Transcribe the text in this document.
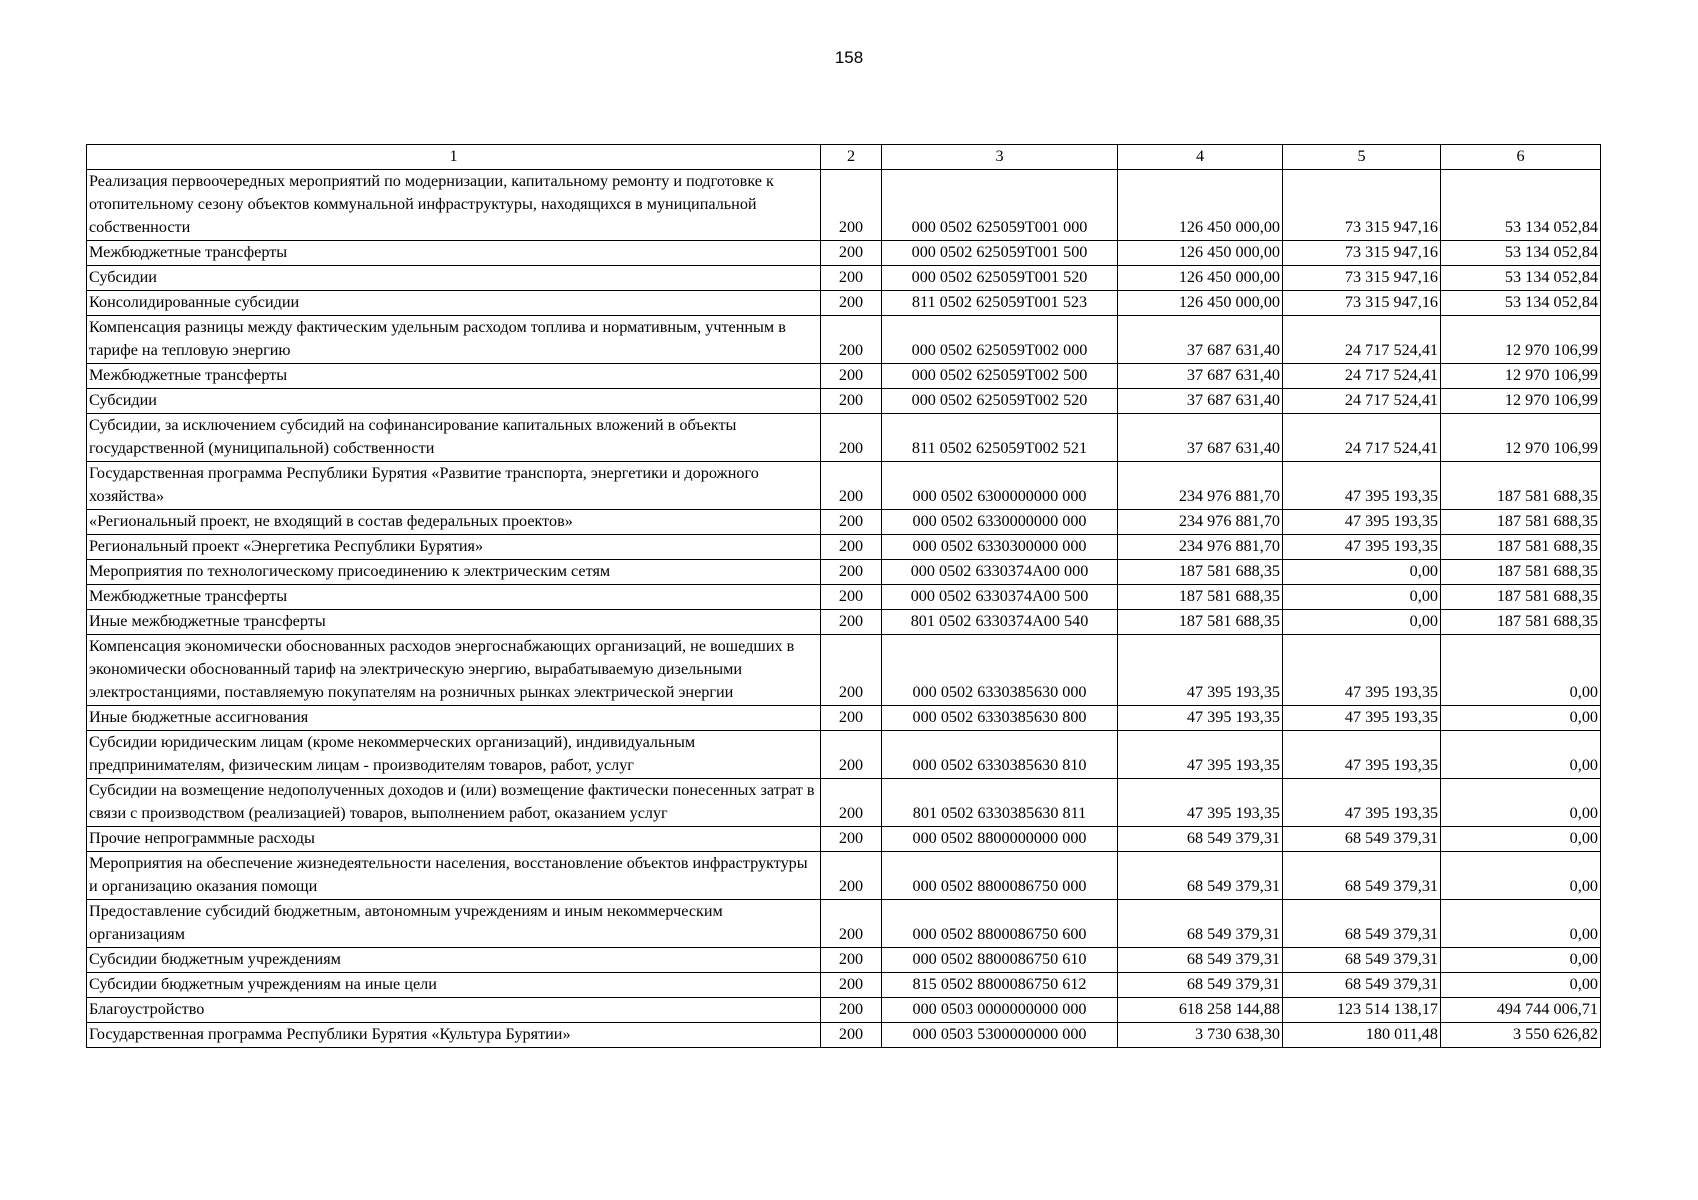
158
1	2	3	4	5	6
Реализация первоочередных мероприятий по модернизации, капитальному ремонту и подготовке к отопительному сезону объектов коммунальной инфраструктуры, находящихся в муниципальной собственности	200	000 0502 625059T001 000	126 450 000,00	73 315 947,16	53 134 052,84
Межбюджетные трансферты	200	000 0502 625059T001 500	126 450 000,00	73 315 947,16	53 134 052,84
Субсидии	200	000 0502 625059T001 520	126 450 000,00	73 315 947,16	53 134 052,84
Консолидированные субсидии	200	811 0502 625059T001 523	126 450 000,00	73 315 947,16	53 134 052,84
Компенсация разницы между фактическим удельным расходом топлива и нормативным, учтенным в тарифе на тепловую энергию	200	000 0502 625059T002 000	37 687 631,40	24 717 524,41	12 970 106,99
Межбюджетные трансферты	200	000 0502 625059T002 500	37 687 631,40	24 717 524,41	12 970 106,99
Субсидии	200	000 0502 625059T002 520	37 687 631,40	24 717 524,41	12 970 106,99
Субсидии, за исключением субсидий на софинансирование капитальных вложений в объекты государственной (муниципальной) собственности	200	811 0502 625059T002 521	37 687 631,40	24 717 524,41	12 970 106,99
Государственная программа Республики Бурятия «Развитие транспорта, энергетики и дорожного хозяйства»	200	000 0502 6300000000 000	234 976 881,70	47 395 193,35	187 581 688,35
«Региональный проект, не входящий в состав федеральных проектов»	200	000 0502 6330000000 000	234 976 881,70	47 395 193,35	187 581 688,35
Региональный проект «Энергетика Республики Бурятия»	200	000 0502 6330300000 000	234 976 881,70	47 395 193,35	187 581 688,35
Мероприятия по технологическому присоединению к электрическим сетям	200	000 0502 6330374A00 000	187 581 688,35	0,00	187 581 688,35
Межбюджетные трансферты	200	000 0502 6330374A00 500	187 581 688,35	0,00	187 581 688,35
Иные межбюджетные трансферты	200	801 0502 6330374A00 540	187 581 688,35	0,00	187 581 688,35
Компенсация экономически обоснованных расходов энергоснабжающих организаций, не вошедших в экономически обоснованный тариф на электрическую энергию, вырабатываемую дизельными электростанциями, поставляемую покупателям на розничных рынках электрической энергии	200	000 0502 6330385630 000	47 395 193,35	47 395 193,35	0,00
Иные бюджетные ассигнования	200	000 0502 6330385630 800	47 395 193,35	47 395 193,35	0,00
Субсидии юридическим лицам (кроме некоммерческих организаций), индивидуальным предпринимателям, физическим лицам - производителям товаров, работ, услуг	200	000 0502 6330385630 810	47 395 193,35	47 395 193,35	0,00
Субсидии на возмещение недополученных доходов и (или) возмещение фактически понесенных затрат в связи с производством (реализацией) товаров, выполнением работ, оказанием услуг	200	801 0502 6330385630 811	47 395 193,35	47 395 193,35	0,00
Прочие непрограммные расходы	200	000 0502 8800000000 000	68 549 379,31	68 549 379,31	0,00
Мероприятия на обеспечение жизнедеятельности населения, восстановление объектов инфраструктуры и организацию оказания помощи	200	000 0502 8800086750 000	68 549 379,31	68 549 379,31	0,00
Предоставление субсидий бюджетным, автономным учреждениям и иным некоммерческим организациям	200	000 0502 8800086750 600	68 549 379,31	68 549 379,31	0,00
Субсидии бюджетным учреждениям	200	000 0502 8800086750 610	68 549 379,31	68 549 379,31	0,00
Субсидии бюджетным учреждениям на иные цели	200	815 0502 8800086750 612	68 549 379,31	68 549 379,31	0,00
Благоустройство	200	000 0503 0000000000 000	618 258 144,88	123 514 138,17	494 744 006,71
Государственная программа Республики Бурятия «Культура Бурятии»	200	000 0503 5300000000 000	3 730 638,30	180 011,48	3 550 626,82
